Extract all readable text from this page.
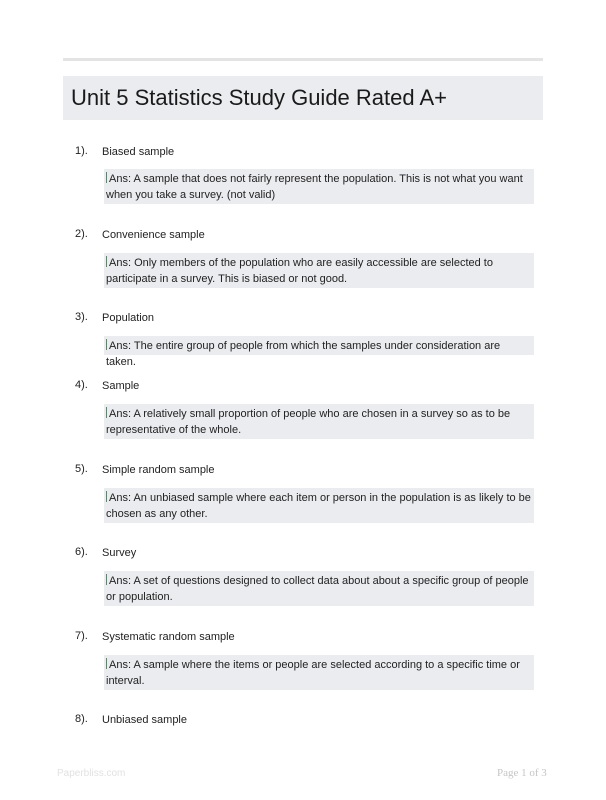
Unit 5 Statistics Study Guide Rated A+
1). Biased sample
Ans: A sample that does not fairly represent the population. This is not what you want when you take a survey. (not valid)
2). Convenience sample
Ans: Only members of the population who are easily accessible are selected to participate in a survey. This is biased or not good.
3). Population
Ans: The entire group of people from which the samples under consideration are taken.
4). Sample
Ans: A relatively small proportion of people who are chosen in a survey so as to be representative of the whole.
5). Simple random sample
Ans: An unbiased sample where each item or person in the population is as likely to be chosen as any other.
6). Survey
Ans: A set of questions designed to collect data about about a specific group of people or population.
7). Systematic random sample
Ans: A sample where the items or people are selected according to a specific time or interval.
8). Unbiased sample
Paperbliss.com	Page 1 of 3
